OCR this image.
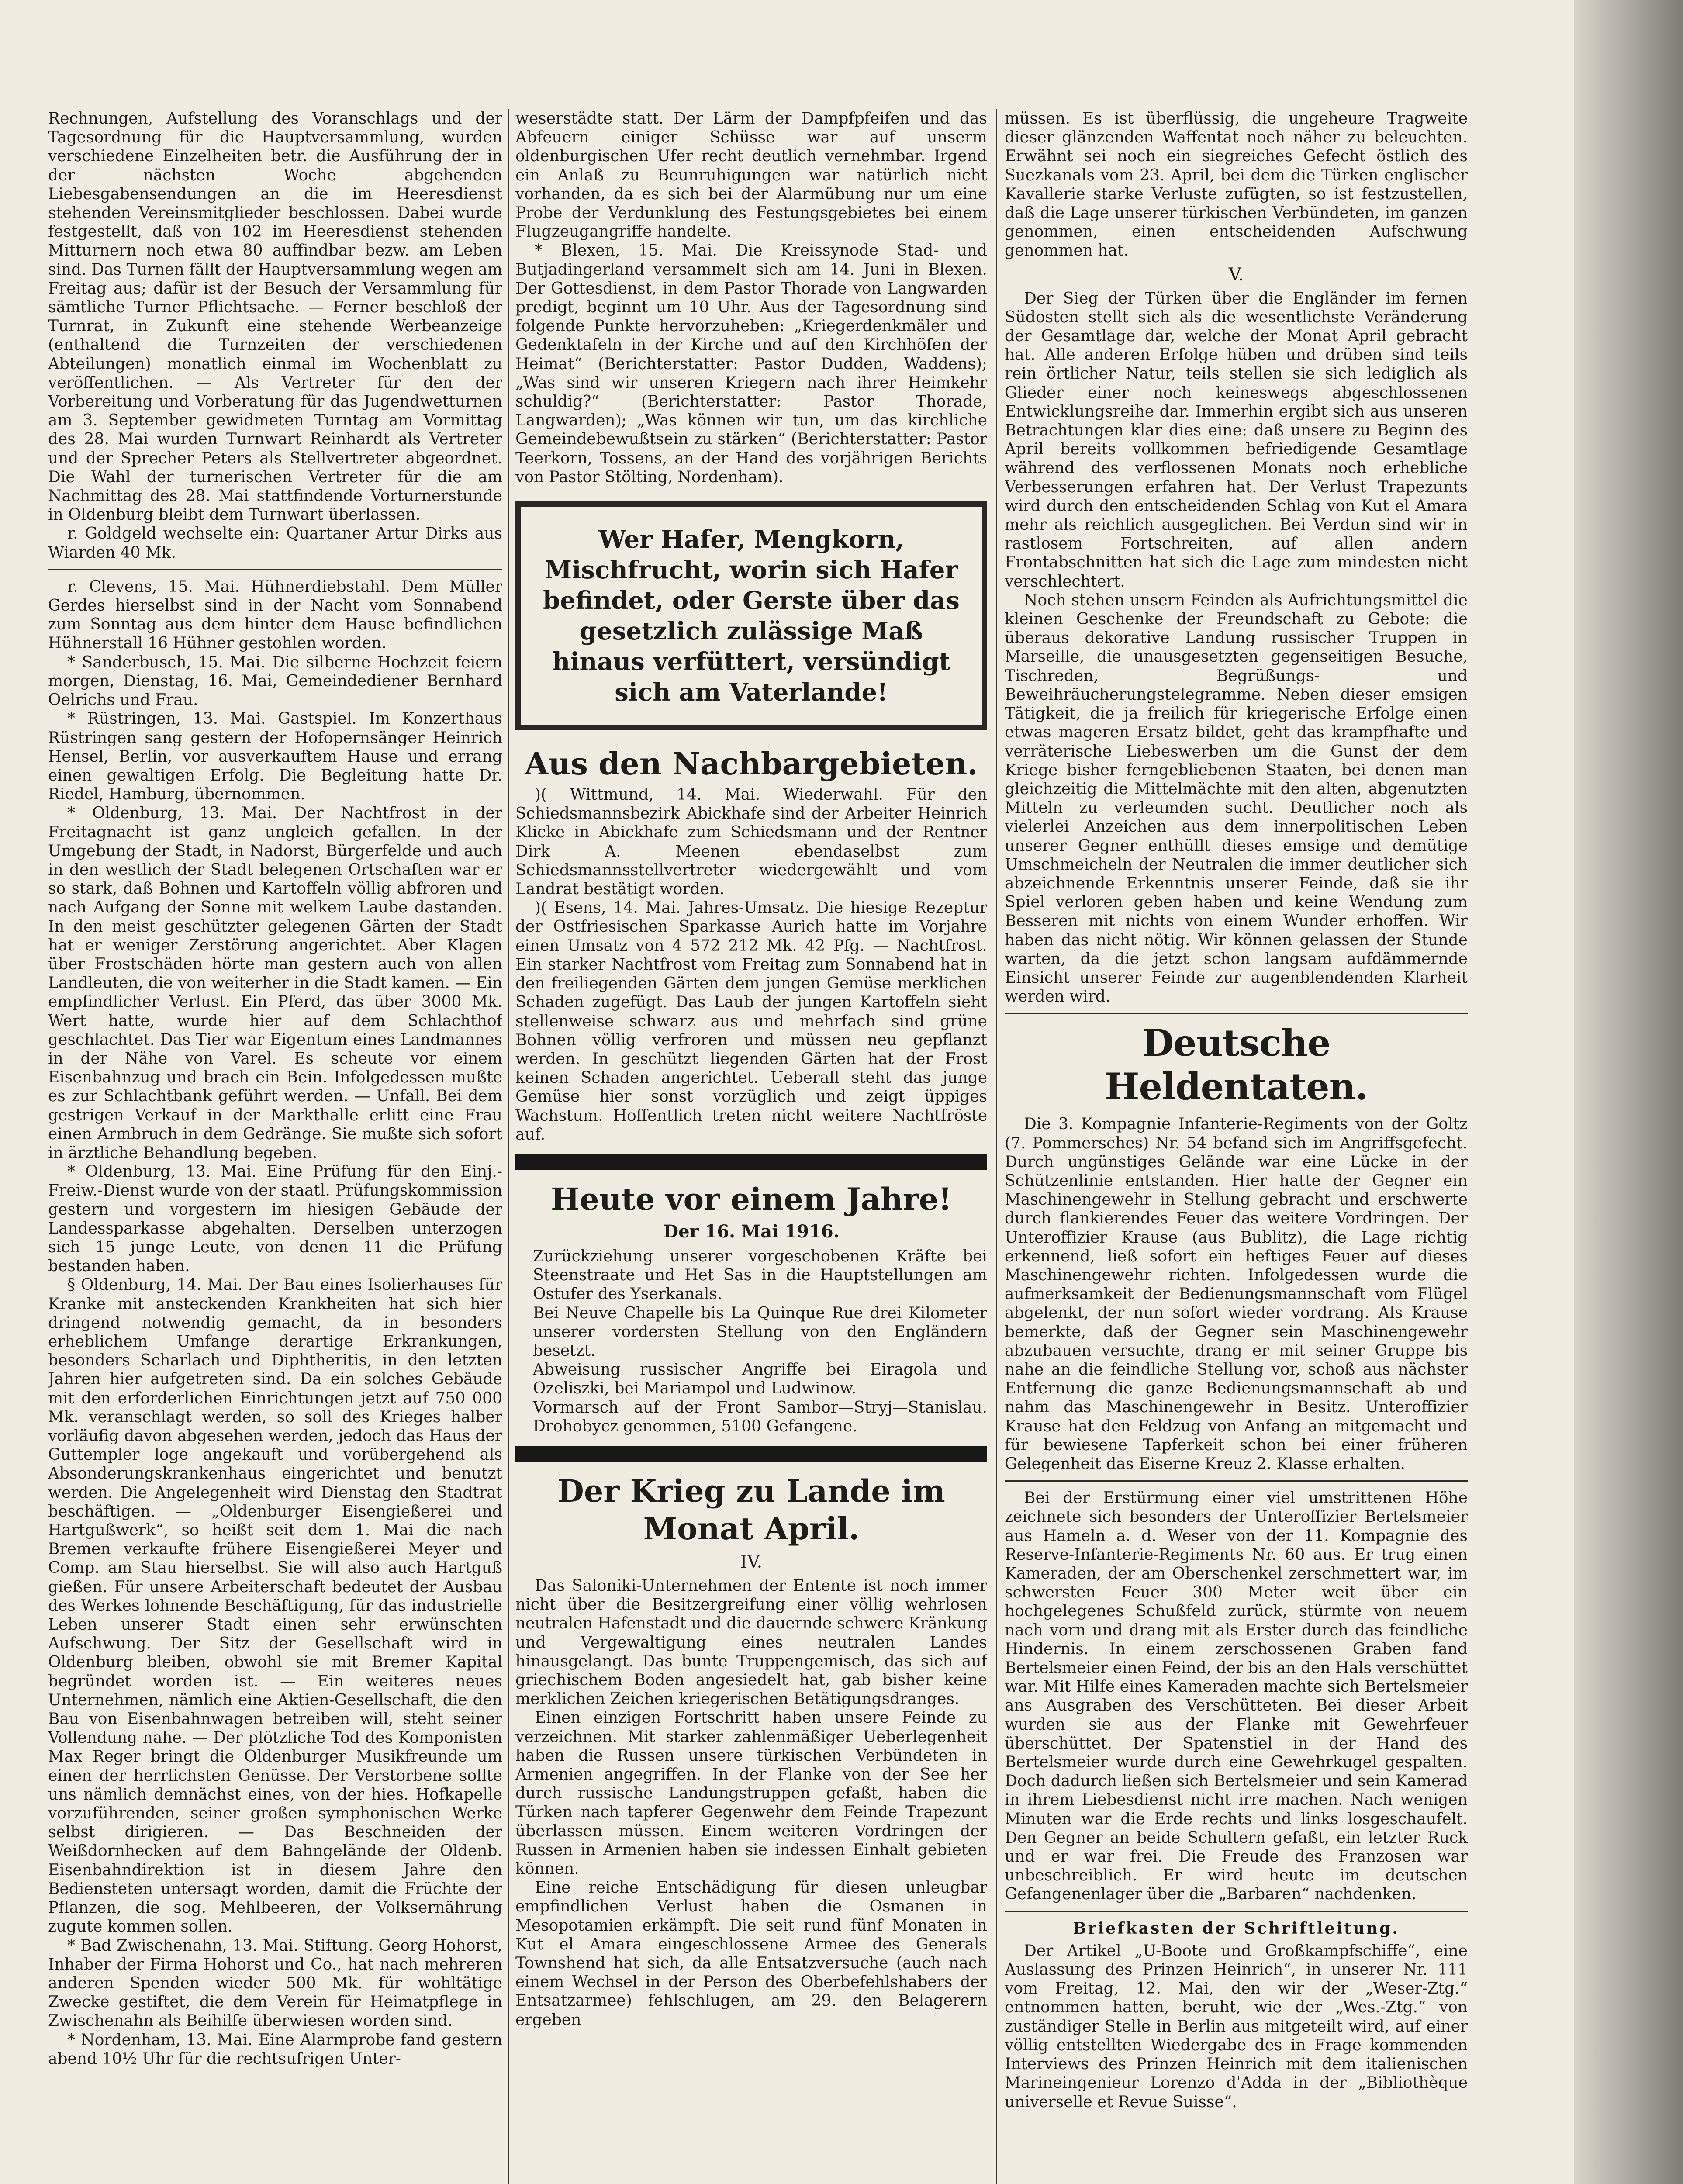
Rechnungen, Aufstellung des Voranschlags und der Tagesordnung für die Hauptversammlung, wurden verschiedene Einzelheiten betr. die Ausführung der in der nächsten Woche abgehenden Liebesgabensendungen an die im Heeresdienst stehenden Vereinsmitglieder beschlossen. Dabei wurde festgestellt, daß von 102 im Heeresdienst stehenden Mitturnern noch etwa 80 auffindbar bezw. am Leben sind. Das Turnen fällt der Hauptversammlung wegen am Freitag aus; dafür ist der Besuch der Versammlung für sämtliche Turner Pflichtsache. — Ferner beschloß der Turnrat, in Zukunft eine stehende Werbeanzeige (enthaltend die Turnzeiten der verschiedenen Abteilungen) monatlich einmal im Wochenblatt zu veröffentlichen. — Als Vertreter für den der Vorbereitung und Vorberatung für das Jugendwetturnen am 3. September gewidmeten Turntag am Vormittag des 28. Mai wurden Turnwart Reinhardt als Vertreter und der Sprecher Peters als Stellvertreter abgeordnet. Die Wahl der turnerischen Vertreter für die am Nachmittag des 28. Mai stattfindende Vorturnerstunde in Oldenburg bleibt dem Turnwart überlassen.

r. Goldgeld wechselte ein: Quartaner Artur Dirks aus Wiarden 40 Mk.

r. Clevens, 15. Mai. Hühnerdiebstahl. Dem Müller Gerdes hierselbst sind in der Nacht vom Sonnabend zum Sonntag aus dem hinter dem Hause befindlichen Hühnerstall 16 Hühner gestohlen worden.

* Sanderbusch, 15. Mai. Die silberne Hochzeit feiern morgen, Dienstag, 16. Mai, Gemeindediener Bernhard Oelrichs und Frau.

* Rüstringen, 13. Mai. Gastspiel. Im Konzerthaus Rüstringen sang gestern der Hofopernsänger Heinrich Hensel, Berlin, vor ausverkauftem Hause und errang einen gewaltigen Erfolg. Die Begleitung hatte Dr. Riedel, Hamburg, übernommen.

* Oldenburg, 13. Mai. Der Nachtfrost in der Freitagnacht ist ganz ungleich gefallen. In der Umgebung der Stadt, in Nadorst, Bürgerfelde und auch in den westlich der Stadt belegenen Ortschaften war er so stark, daß Bohnen und Kartoffeln völlig abfroren und nach Aufgang der Sonne mit welkem Laube dastanden. In den meist geschützter gelegenen Gärten der Stadt hat er weniger Zerstörung angerichtet. Aber Klagen über Frostschäden hörte man gestern auch von allen Landleuten, die von weiterher in die Stadt kamen. — Ein empfindlicher Verlust. Ein Pferd, das über 3000 Mk. Wert hatte, wurde hier auf dem Schlachthof geschlachtet. Das Tier war Eigentum eines Landmannes in der Nähe von Varel. Es scheute vor einem Eisenbahnzug und brach ein Bein. Infolgedessen mußte es zur Schlachtbank geführt werden. — Unfall. Bei dem gestrigen Verkauf in der Markthalle erlitt eine Frau einen Armbruch in dem Gedränge. Sie mußte sich sofort in ärztliche Behandlung begeben.

* Oldenburg, 13. Mai. Eine Prüfung für den Einj.-Freiw.-Dienst wurde von der staatl. Prüfungskommission gestern und vorgestern im hiesigen Gebäude der Landessparkasse abgehalten. Derselben unterzogen sich 15 junge Leute, von denen 11 die Prüfung bestanden haben.

§ Oldenburg, 14. Mai. Der Bau eines Isolierhauses für Kranke mit ansteckenden Krankheiten hat sich hier dringend notwendig gemacht, da in besonders erheblichem Umfange derartige Erkrankungen, besonders Scharlach und Diphtheritis, in den letzten Jahren hier aufgetreten sind. Da ein solches Gebäude mit den erforderlichen Einrichtungen jetzt auf 750 000 Mk. veranschlagt werden, so soll des Krieges halber vorläufig davon abgesehen werden, jedoch das Haus der Guttempler loge angekauft und vorübergehend als Absonderungskrankenhaus eingerichtet und benutzt werden. Die Angelegenheit wird Dienstag den Stadtrat beschäftigen. — „Oldenburger Eisengießerei und Hartgußwerk“, so heißt seit dem 1. Mai die nach Bremen verkaufte frühere Eisengießerei Meyer und Comp. am Stau hierselbst. Sie will also auch Hartguß gießen. Für unsere Arbeiterschaft bedeutet der Ausbau des Werkes lohnende Beschäftigung, für das industrielle Leben unserer Stadt einen sehr erwünschten Aufschwung. Der Sitz der Gesellschaft wird in Oldenburg bleiben, obwohl sie mit Bremer Kapital begründet worden ist. — Ein weiteres neues Unternehmen, nämlich eine Aktien-Gesellschaft, die den Bau von Eisenbahnwagen betreiben will, steht seiner Vollendung nahe. — Der plötzliche Tod des Komponisten Max Reger bringt die Oldenburger Musikfreunde um einen der herrlichsten Genüsse. Der Verstorbene sollte uns nämlich demnächst eines, von der hies. Hofkapelle vorzuführenden, seiner großen symphonischen Werke selbst dirigieren. — Das Beschneiden der Weißdornhecken auf dem Bahngelände der Oldenb. Eisenbahndirektion ist in diesem Jahre den Bediensteten untersagt worden, damit die Früchte der Pflanzen, die sog. Mehlbeeren, der Volksernährung zugute kommen sollen.

* Bad Zwischenahn, 13. Mai. Stiftung. Georg Hohorst, Inhaber der Firma Hohorst und Co., hat nach mehreren anderen Spenden wieder 500 Mk. für wohltätige Zwecke gestiftet, die dem Verein für Heimatpflege in Zwischenahn als Beihilfe überwiesen worden sind.

* Nordenham, 13. Mai. Eine Alarmprobe fand gestern abend 10½ Uhr für die rechtsufrigen Unter-

weserstädte statt. Der Lärm der Dampfpfeifen und das Abfeuern einiger Schüsse war auf unserm oldenburgischen Ufer recht deutlich vernehmbar. Irgend ein Anlaß zu Beunruhigungen war natürlich nicht vorhanden, da es sich bei der Alarmübung nur um eine Probe der Verdunklung des Festungsgebietes bei einem Flugzeugangriffe handelte.

* Blexen, 15. Mai. Die Kreissynode Stad- und Butjadingerland versammelt sich am 14. Juni in Blexen. Der Gottesdienst, in dem Pastor Thorade von Langwarden predigt, beginnt um 10 Uhr. Aus der Tagesordnung sind folgende Punkte hervorzuheben: „Kriegerdenkmäler und Gedenktafeln in der Kirche und auf den Kirchhöfen der Heimat“ (Berichterstatter: Pastor Dudden, Waddens); „Was sind wir unseren Kriegern nach ihrer Heimkehr schuldig?“ (Berichterstatter: Pastor Thorade, Langwarden); „Was können wir tun, um das kirchliche Gemeindebewußtsein zu stärken“ (Berichterstatter: Pastor Teerkorn, Tossens, an der Hand des vorjährigen Berichts von Pastor Stölting, Nordenham).

Wer Hafer, Mengkorn, Mischfrucht, worin sich Hafer befindet, oder Gerste über das gesetzlich zulässige Maß hinaus verfüttert, versündigt sich am Vaterlande!
Aus den Nachbargebieten.

)( Wittmund, 14. Mai. Wiederwahl. Für den Schiedsmannsbezirk Abickhafe sind der Arbeiter Heinrich Klicke in Abickhafe zum Schiedsmann und der Rentner Dirk A. Meenen ebendaselbst zum Schiedsmannsstellvertreter wiedergewählt und vom Landrat bestätigt worden.

)( Esens, 14. Mai. Jahres-Umsatz. Die hiesige Rezeptur der Ostfriesischen Sparkasse Aurich hatte im Vorjahre einen Umsatz von 4 572 212 Mk. 42 Pfg. — Nachtfrost. Ein starker Nachtfrost vom Freitag zum Sonnabend hat in den freiliegenden Gärten dem jungen Gemüse merklichen Schaden zugefügt. Das Laub der jungen Kartoffeln sieht stellenweise schwarz aus und mehrfach sind grüne Bohnen völlig verfroren und müssen neu gepflanzt werden. In geschützt liegenden Gärten hat der Frost keinen Schaden angerichtet. Ueberall steht das junge Gemüse hier sonst vorzüglich und zeigt üppiges Wachstum. Hoffentlich treten nicht weitere Nachtfröste auf.

Heute vor einem Jahre!
Der 16. Mai 1916.

Zurückziehung unserer vorgeschobenen Kräfte bei Steenstraate und Het Sas in die Hauptstellungen am Ostufer des Yserkanals.

Bei Neuve Chapelle bis La Quinque Rue drei Kilometer unserer vordersten Stellung von den Engländern besetzt.

Abweisung russischer Angriffe bei Eiragola und Ozeliszki, bei Mariampol und Ludwinow.

Vormarsch auf der Front Sambor—Stryj—Stanislau. Drohobycz genommen, 5100 Gefangene.

Der Krieg zu Lande im Monat April.
IV.

Das Saloniki-Unternehmen der Entente ist noch immer nicht über die Besitzergreifung einer völlig wehrlosen neutralen Hafenstadt und die dauernde schwere Kränkung und Vergewaltigung eines neutralen Landes hinausgelangt. Das bunte Truppengemisch, das sich auf griechischem Boden angesiedelt hat, gab bisher keine merklichen Zeichen kriegerischen Betätigungsdranges.

Einen einzigen Fortschritt haben unsere Feinde zu verzeichnen. Mit starker zahlenmäßiger Ueberlegenheit haben die Russen unsere türkischen Verbündeten in Armenien angegriffen. In der Flanke von der See her durch russische Landungstruppen gefaßt, haben die Türken nach tapferer Gegenwehr dem Feinde Trapezunt überlassen müssen. Einem weiteren Vordringen der Russen in Armenien haben sie indessen Einhalt gebieten können.

Eine reiche Entschädigung für diesen unleugbar empfindlichen Verlust haben die Osmanen in Mesopotamien erkämpft. Die seit rund fünf Monaten in Kut el Amara eingeschlossene Armee des Generals Townshend hat sich, da alle Entsatzversuche (auch nach einem Wechsel in der Person des Oberbefehlshabers der Entsatzarmee) fehlschlugen, am 29. den Belagerern ergeben

müssen. Es ist überflüssig, die ungeheure Tragweite dieser glänzenden Waffentat noch näher zu beleuchten. Erwähnt sei noch ein siegreiches Gefecht östlich des Suezkanals vom 23. April, bei dem die Türken englischer Kavallerie starke Verluste zufügten, so ist festzustellen, daß die Lage unserer türkischen Verbündeten, im ganzen genommen, einen entscheidenden Aufschwung genommen hat.

V.

Der Sieg der Türken über die Engländer im fernen Südosten stellt sich als die wesentlichste Veränderung der Gesamtlage dar, welche der Monat April gebracht hat. Alle anderen Erfolge hüben und drüben sind teils rein örtlicher Natur, teils stellen sie sich lediglich als Glieder einer noch keineswegs abgeschlossenen Entwicklungsreihe dar. Immerhin ergibt sich aus unseren Betrachtungen klar dies eine: daß unsere zu Beginn des April bereits vollkommen befriedigende Gesamtlage während des verflossenen Monats noch erhebliche Verbesserungen erfahren hat. Der Verlust Trapezunts wird durch den entscheidenden Schlag von Kut el Amara mehr als reichlich ausgeglichen. Bei Verdun sind wir in rastlosem Fortschreiten, auf allen andern Frontabschnitten hat sich die Lage zum mindesten nicht verschlechtert.

Noch stehen unsern Feinden als Aufrichtungsmittel die kleinen Geschenke der Freundschaft zu Gebote: die überaus dekorative Landung russischer Truppen in Marseille, die unausgesetzten gegenseitigen Besuche, Tischreden, Begrüßungs- und Beweihräucherungstelegramme. Neben dieser emsigen Tätigkeit, die ja freilich für kriegerische Erfolge einen etwas mageren Ersatz bildet, geht das krampfhafte und verräterische Liebeswerben um die Gunst der dem Kriege bisher ferngebliebenen Staaten, bei denen man gleichzeitig die Mittelmächte mit den alten, abgenutzten Mitteln zu verleumden sucht. Deutlicher noch als vielerlei Anzeichen aus dem innerpolitischen Leben unserer Gegner enthüllt dieses emsige und demütige Umschmeicheln der Neutralen die immer deutlicher sich abzeichnende Erkenntnis unserer Feinde, daß sie ihr Spiel verloren geben haben und keine Wendung zum Besseren mit nichts von einem Wunder erhoffen. Wir haben das nicht nötig. Wir können gelassen der Stunde warten, da die jetzt schon langsam aufdämmernde Einsicht unserer Feinde zur augenblendenden Klarheit werden wird.

Deutsche Heldentaten.

Die 3. Kompagnie Infanterie-Regiments von der Goltz (7. Pommersches) Nr. 54 befand sich im Angriffsgefecht. Durch ungünstiges Gelände war eine Lücke in der Schützenlinie entstanden. Hier hatte der Gegner ein Maschinengewehr in Stellung gebracht und erschwerte durch flankierendes Feuer das weitere Vordringen. Der Unteroffizier Krause (aus Bublitz), die Lage richtig erkennend, ließ sofort ein heftiges Feuer auf dieses Maschinengewehr richten. Infolgedessen wurde die aufmerksamkeit der Bedienungsmannschaft vom Flügel abgelenkt, der nun sofort wieder vordrang. Als Krause bemerkte, daß der Gegner sein Maschinengewehr abzubauen versuchte, drang er mit seiner Gruppe bis nahe an die feindliche Stellung vor, schoß aus nächster Entfernung die ganze Bedienungsmannschaft ab und nahm das Maschinengewehr in Besitz. Unteroffizier Krause hat den Feldzug von Anfang an mitgemacht und für bewiesene Tapferkeit schon bei einer früheren Gelegenheit das Eiserne Kreuz 2. Klasse erhalten.

Bei der Erstürmung einer viel umstrittenen Höhe zeichnete sich besonders der Unteroffizier Bertelsmeier aus Hameln a. d. Weser von der 11. Kompagnie des Reserve-Infanterie-Regiments Nr. 60 aus. Er trug einen Kameraden, der am Oberschenkel zerschmettert war, im schwersten Feuer 300 Meter weit über ein hochgelegenes Schußfeld zurück, stürmte von neuem nach vorn und drang mit als Erster durch das feindliche Hindernis. In einem zerschossenen Graben fand Bertelsmeier einen Feind, der bis an den Hals verschüttet war. Mit Hilfe eines Kameraden machte sich Bertelsmeier ans Ausgraben des Verschütteten. Bei dieser Arbeit wurden sie aus der Flanke mit Gewehrfeuer überschüttet. Der Spatenstiel in der Hand des Bertelsmeier wurde durch eine Gewehrkugel gespalten. Doch dadurch ließen sich Bertelsmeier und sein Kamerad in ihrem Liebesdienst nicht irre machen. Nach wenigen Minuten war die Erde rechts und links losgeschaufelt. Den Gegner an beide Schultern gefaßt, ein letzter Ruck und er war frei. Die Freude des Franzosen war unbeschreiblich. Er wird heute im deutschen Gefangenenlager über die „Barbaren“ nachdenken.

Briefkasten der Schriftleitung.

Der Artikel „U-Boote und Großkampfschiffe“, eine Auslassung des Prinzen Heinrich“, in unserer Nr. 111 vom Freitag, 12. Mai, den wir der „Weser-Ztg.“ entnommen hatten, beruht, wie der „Wes.-Ztg.“ von zuständiger Stelle in Berlin aus mitgeteilt wird, auf einer völlig entstellten Wiedergabe des in Frage kommenden Interviews des Prinzen Heinrich mit dem italienischen Marineingenieur Lorenzo d'Adda in der „Bibliothèque universelle et Revue Suisse“.
